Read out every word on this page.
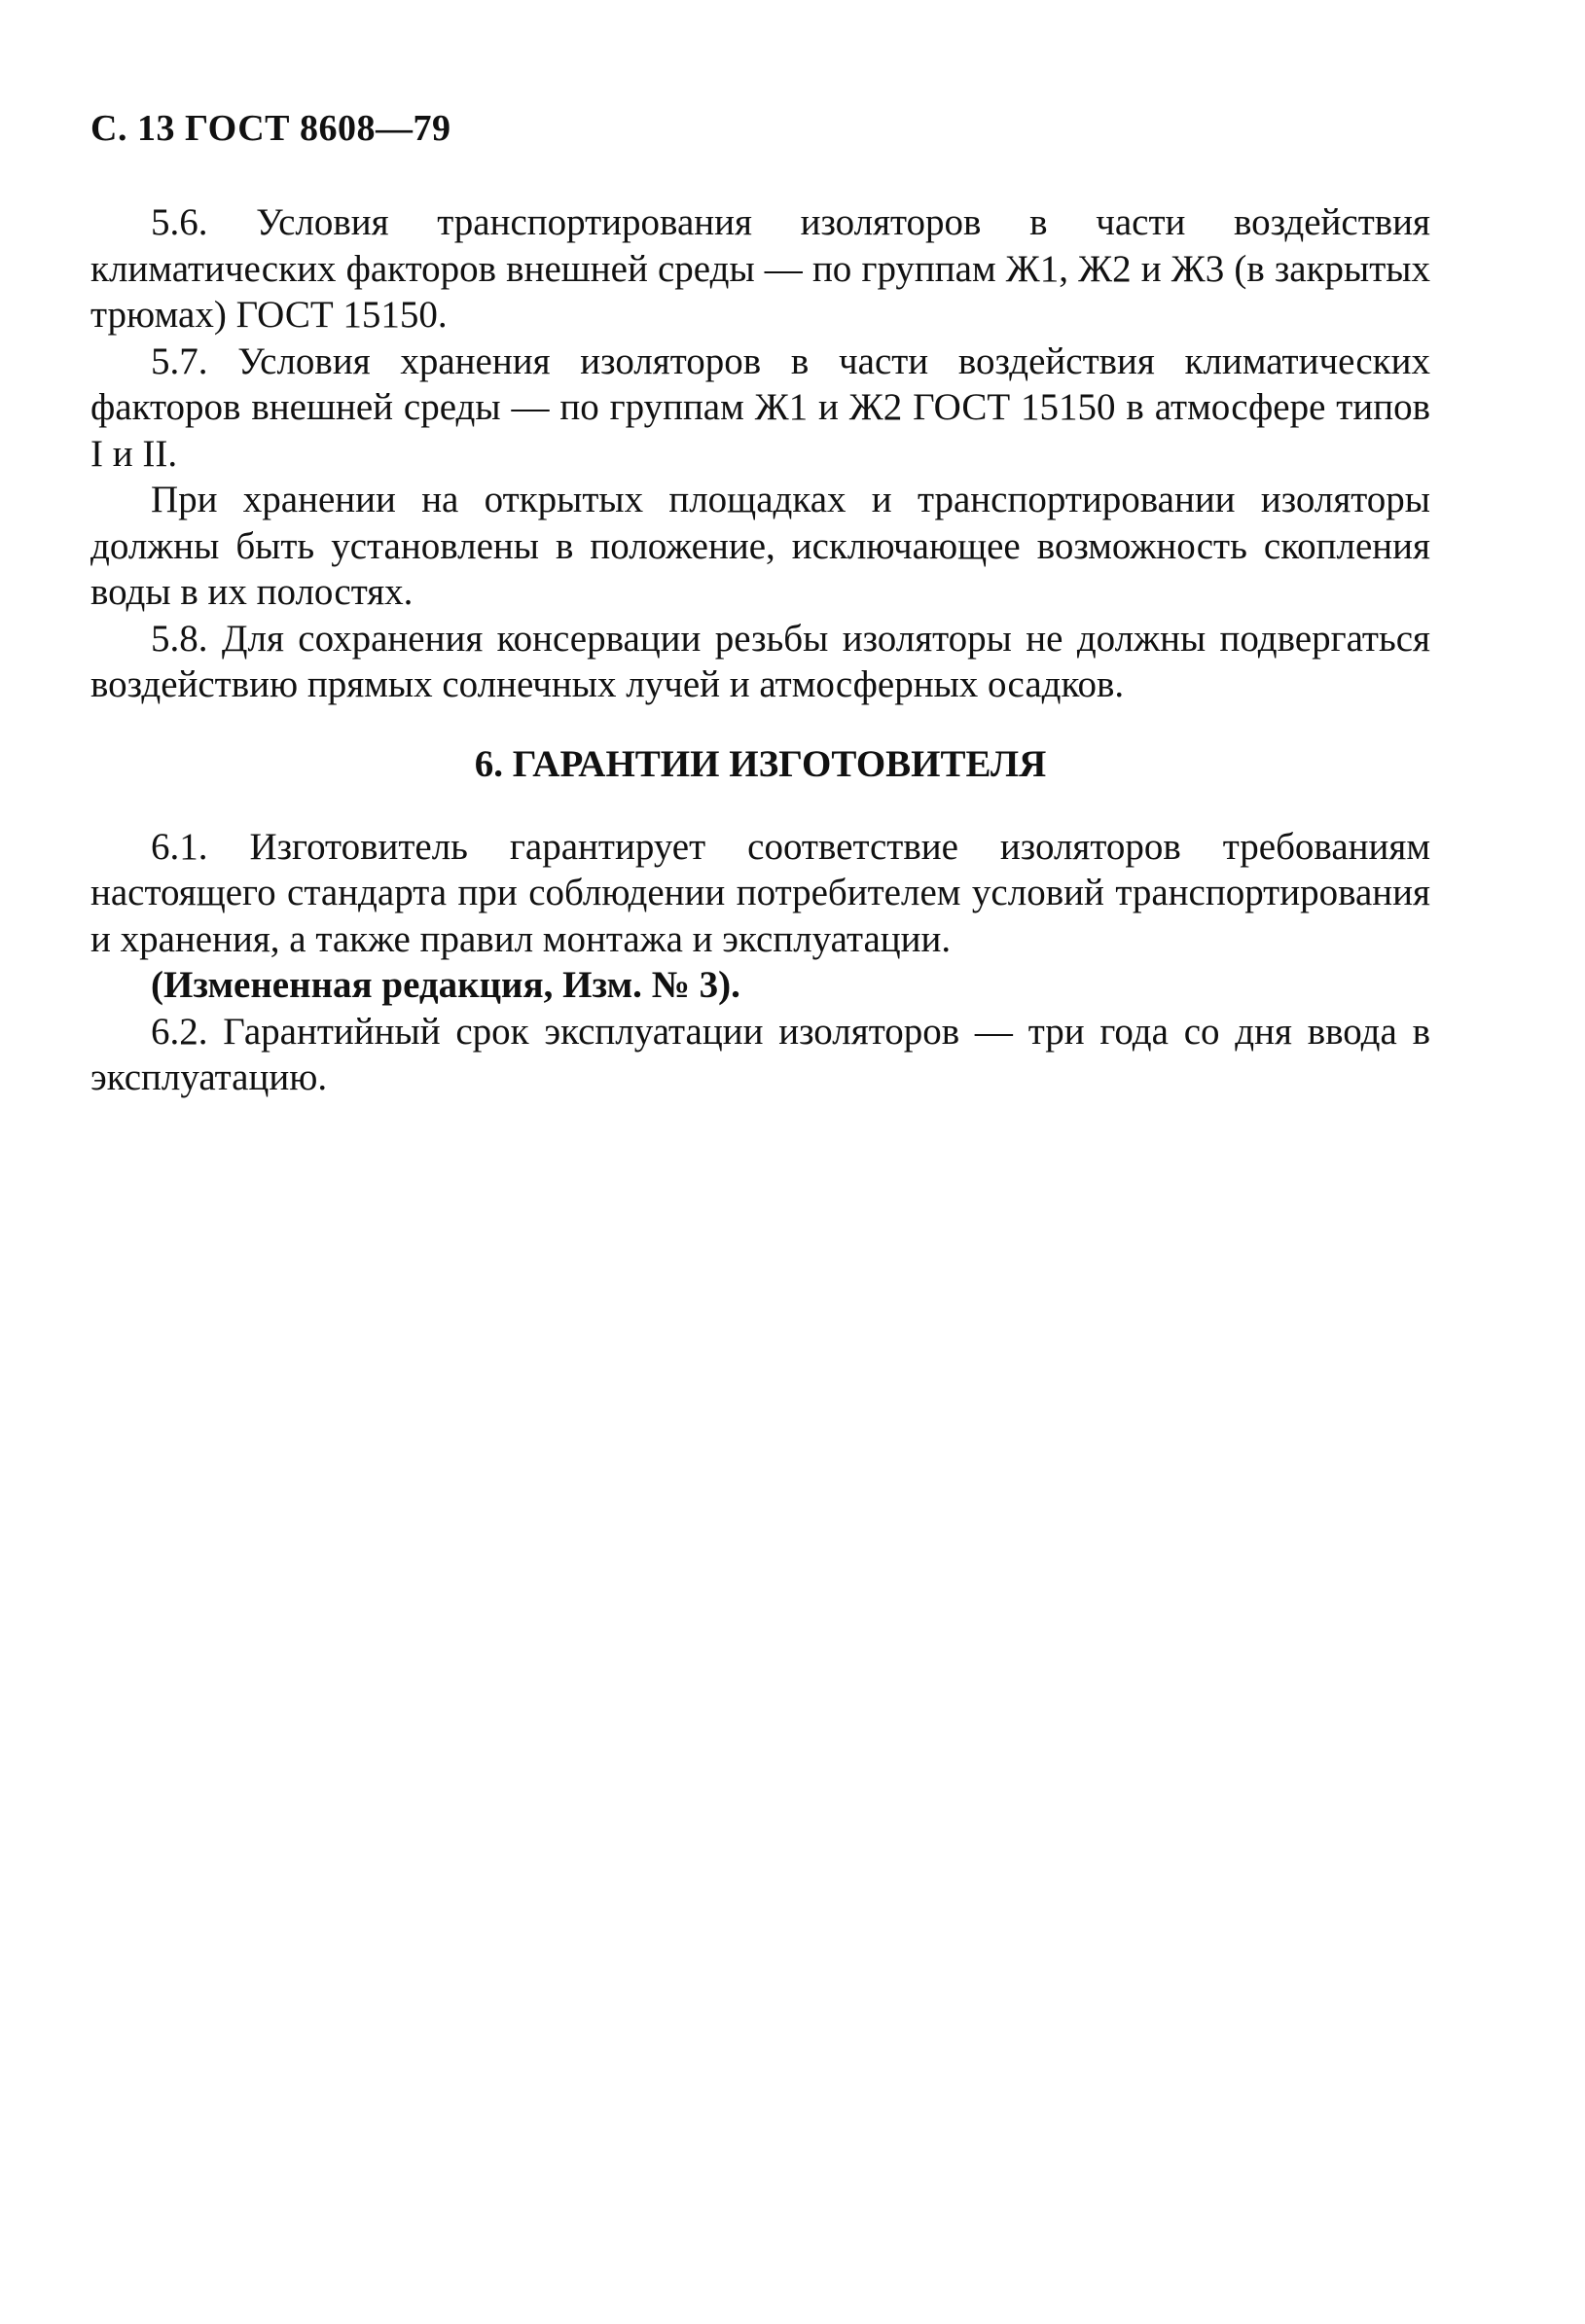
С. 13 ГОСТ 8608—79

5.6. Условия транспортирования изоляторов в части воздействия климатических факторов внешней среды — по группам Ж1, Ж2 и Ж3 (в закрытых трюмах) ГОСТ 15150.

5.7. Условия хранения изоляторов в части воздействия климатических факторов внешней среды — по группам Ж1 и Ж2 ГОСТ 15150 в атмосфере типов I и II.

При хранении на открытых площадках и транспортировании изоляторы должны быть установлены в положение, исключающее возможность скопления воды в их полостях.

5.8. Для сохранения консервации резьбы изоляторы не должны подвергаться воздействию прямых солнечных лучей и атмосферных осадков.

6. ГАРАНТИИ ИЗГОТОВИТЕЛЯ

6.1. Изготовитель гарантирует соответствие изоляторов требованиям настоящего стандарта при соблюдении потребителем условий транспортирования и хранения, а также правил монтажа и эксплуатации.

(Измененная редакция, Изм. № 3).

6.2. Гарантийный срок эксплуатации изоляторов — три года со дня ввода в эксплуатацию.
